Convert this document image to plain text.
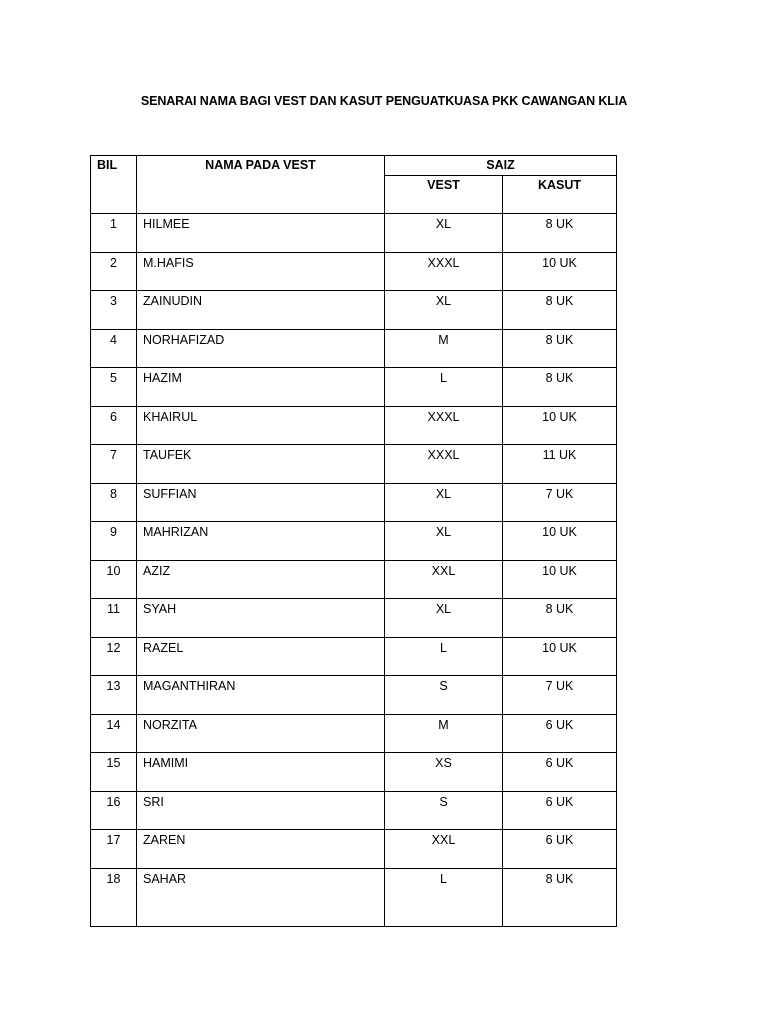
SENARAI NAMA BAGI VEST DAN KASUT PENGUATKUASA PKK CAWANGAN KLIA
BIL	NAMA PADA VEST	SAIZ	

		VEST	KASUT

1	HILMEE	XL	8 UK

2	M.HAFIS	XXXL	10 UK

3	ZAINUDIN	XL	8 UK

4	NORHAFIZAD	M	8 UK

5	HAZIM	L	8 UK

6	KHAIRUL	XXXL	10 UK

7	TAUFEK	XXXL	11 UK

8	SUFFIAN	XL	7 UK

9	MAHRIZAN	XL	10 UK

10	AZIZ	XXL	10 UK

11	SYAH	XL	8 UK

12	RAZEL	L	10 UK

13	MAGANTHIRAN	S	7 UK

14	NORZITA	M	6 UK

15	HAMIMI	XS	6 UK

16	SRI	S	6 UK

17	ZAREN	XXL	6 UK

18	SAHAR	L	8 UK
